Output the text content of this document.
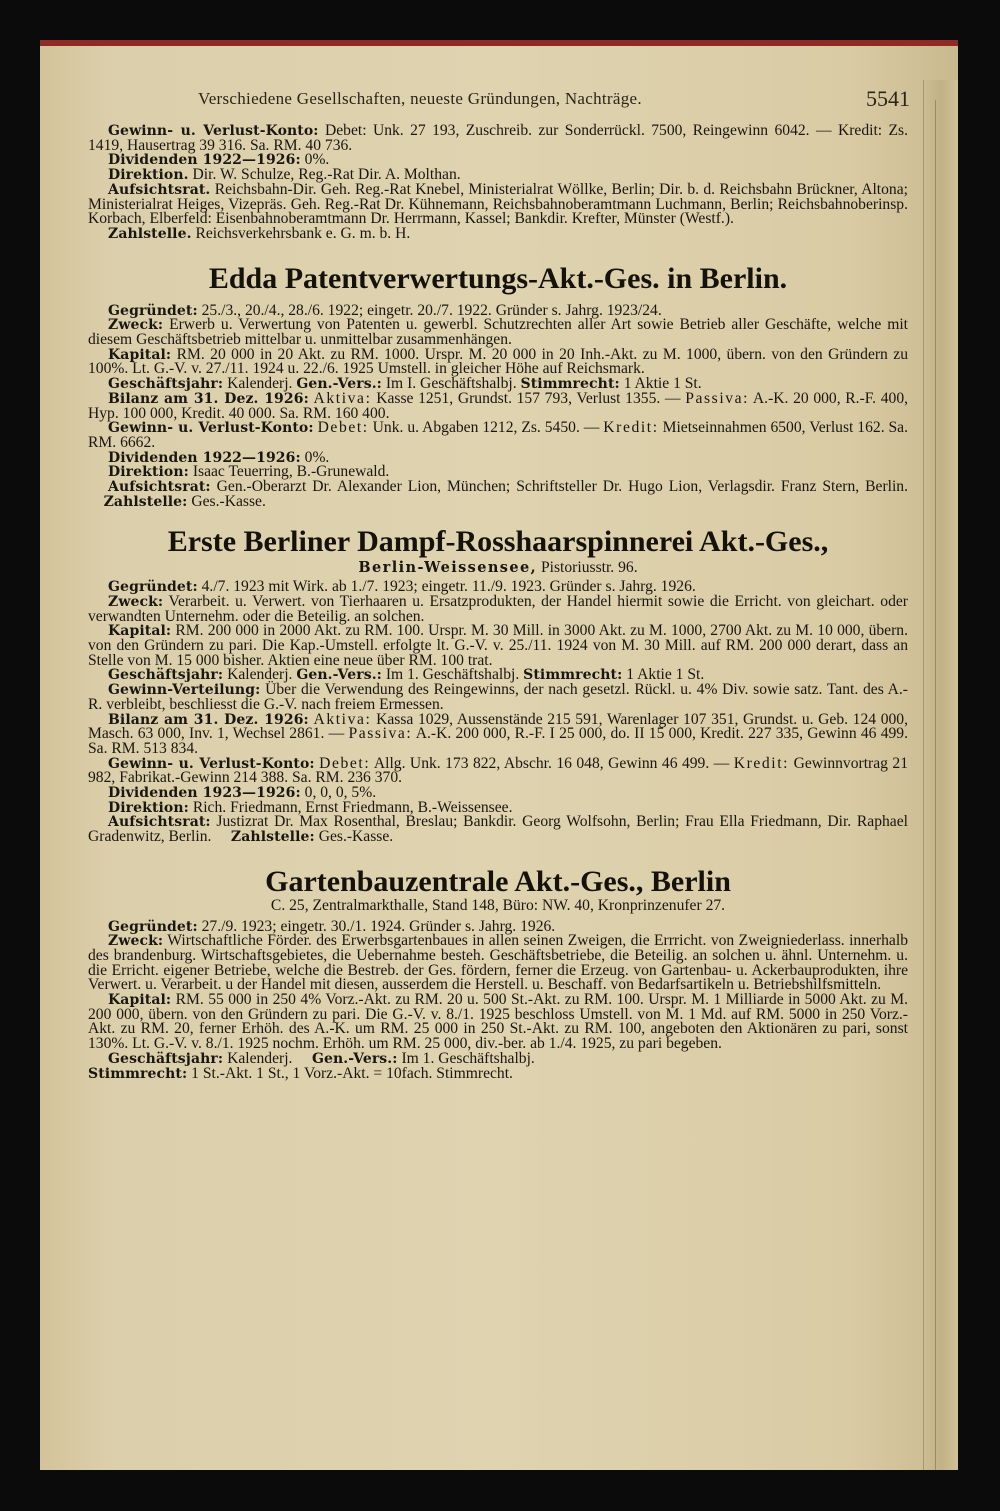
Verschiedene Gesellschaften, neueste Gründungen, Nachträge.	5541

Gewinn- u. Verlust-Konto: Debet: Unk. 27 193, Zuschreib. zur Sonderrückl. 7500, Reingewinn 6042. — Kredit: Zs. 1419, Hausertrag 39 316. Sa. RM. 40 736.

Dividenden 1922—1926: 0%.

Direktion. Dir. W. Schulze, Reg.-Rat Dir. A. Molthan.

Aufsichtsrat. Reichsbahn-Dir. Geh. Reg.-Rat Knebel, Ministerialrat Wöllke, Berlin; Dir. b. d. Reichsbahn Brückner, Altona; Ministerialrat Heiges, Vizepräs. Geh. Reg.-Rat Dr. Kühnemann, Reichsbahnoberamtmann Luchmann, Berlin; Reichsbahnoberinsp. Korbach, Elberfeld: Eisenbahnoberamtmann Dr. Herrmann, Kassel; Bankdir. Krefter, Münster (Westf.).

Zahlstelle. Reichsverkehrsbank e. G. m. b. H.

Edda Patentverwertungs-Akt.-Ges. in Berlin.

Gegründet: 25./3., 20./4., 28./6. 1922; eingetr. 20./7. 1922. Gründer s. Jahrg. 1923/24.

Zweck: Erwerb u. Verwertung von Patenten u. gewerbl. Schutzrechten aller Art sowie Betrieb aller Geschäfte, welche mit diesem Geschäftsbetrieb mittelbar u. unmittelbar zusammenhängen.

Kapital: RM. 20 000 in 20 Akt. zu RM. 1000. Urspr. M. 20 000 in 20 Inh.-Akt. zu M. 1000, übern. von den Gründern zu 100%. Lt. G.-V. v. 27./11. 1924 u. 22./6. 1925 Umstell. in gleicher Höhe auf Reichsmark.

Geschäftsjahr: Kalenderj. Gen.-Vers.: Im I. Geschäftshalbj. Stimmrecht: 1 Aktie 1 St.

Bilanz am 31. Dez. 1926: Aktiva: Kasse 1251, Grundst. 157 793, Verlust 1355. — Passiva: A.-K. 20 000, R.-F. 400, Hyp. 100 000, Kredit. 40 000. Sa. RM. 160 400.

Gewinn- u. Verlust-Konto: Debet: Unk. u. Abgaben 1212, Zs. 5450. — Kredit: Mietseinnahmen 6500, Verlust 162. Sa. RM. 6662.

Dividenden 1922—1926: 0%.

Direktion: Isaac Teuerring, B.-Grunewald.

Aufsichtsrat: Gen.-Oberarzt Dr. Alexander Lion, München; Schriftsteller Dr. Hugo Lion, Verlagsdir. Franz Stern, Berlin.     Zahlstelle: Ges.-Kasse.

Erste Berliner Dampf-Rosshaarspinnerei Akt.-Ges.,
Berlin-Weissensee, Pistoriusstr. 96.

Gegründet: 4./7. 1923 mit Wirk. ab 1./7. 1923; eingetr. 11./9. 1923. Gründer s. Jahrg. 1926.

Zweck: Verarbeit. u. Verwert. von Tierhaaren u. Ersatzprodukten, der Handel hiermit sowie die Erricht. von gleichart. oder verwandten Unternehm. oder die Beteilig. an solchen.

Kapital: RM. 200 000 in 2000 Akt. zu RM. 100. Urspr. M. 30 Mill. in 3000 Akt. zu M. 1000, 2700 Akt. zu M. 10 000, übern. von den Gründern zu pari. Die Kap.-Umstell. erfolgte lt. G.-V. v. 25./11. 1924 von M. 30 Mill. auf RM. 200 000 derart, dass an Stelle von M. 15 000 bisher. Aktien eine neue über RM. 100 trat.

Geschäftsjahr: Kalenderj. Gen.-Vers.: Im 1. Geschäftshalbj. Stimmrecht: 1 Aktie 1 St.

Gewinn-Verteilung: Über die Verwendung des Reingewinns, der nach gesetzl. Rückl. u. 4% Div. sowie satz. Tant. des A.-R. verbleibt, beschliesst die G.-V. nach freiem Ermessen.

Bilanz am 31. Dez. 1926: Aktiva: Kassa 1029, Aussenstände 215 591, Warenlager 107 351, Grundst. u. Geb. 124 000, Masch. 63 000, Inv. 1, Wechsel 2861. — Passiva: A.-K. 200 000, R.-F. I 25 000, do. II 15 000, Kredit. 227 335, Gewinn 46 499. Sa. RM. 513 834.

Gewinn- u. Verlust-Konto: Debet: Allg. Unk. 173 822, Abschr. 16 048, Gewinn 46 499. — Kredit: Gewinnvortrag 21 982, Fabrikat.-Gewinn 214 388. Sa. RM. 236 370.

Dividenden 1923—1926: 0, 0, 0, 5%.

Direktion: Rich. Friedmann, Ernst Friedmann, B.-Weissensee.

Aufsichtsrat: Justizrat Dr. Max Rosenthal, Breslau; Bankdir. Georg Wolfsohn, Berlin; Frau Ella Friedmann, Dir. Raphael Gradenwitz, Berlin. Zahlstelle: Ges.-Kasse.

Gartenbauzentrale Akt.-Ges., Berlin
C. 25, Zentralmarkthalle, Stand 148, Büro: NW. 40, Kronprinzenufer 27.

Gegründet: 27./9. 1923; eingetr. 30./1. 1924. Gründer s. Jahrg. 1926.

Zweck: Wirtschaftliche Förder. des Erwerbsgartenbaues in allen seinen Zweigen, die Errricht. von Zweigniederlass. innerhalb des brandenburg. Wirtschaftsgebietes, die Uebernahme besteh. Geschäftsbetriebe, die Beteilig. an solchen u. ähnl. Unternehm. u. die Erricht. eigener Betriebe, welche die Bestreb. der Ges. fördern, ferner die Erzeug. von Gartenbau- u. Ackerbauprodukten, ihre Verwert. u. Verarbeit. u der Handel mit diesen, ausserdem die Herstell. u. Beschaff. von Bedarfsartikeln u. Betriebshilfsmitteln.

Kapital: RM. 55 000 in 250 4% Vorz.-Akt. zu RM. 20 u. 500 St.-Akt. zu RM. 100. Urspr. M. 1 Milliarde in 5000 Akt. zu M. 200 000, übern. von den Gründern zu pari. Die G.-V. v. 8./1. 1925 beschloss Umstell. von M. 1 Md. auf RM. 5000 in 250 Vorz.-Akt. zu RM. 20, ferner Erhöh. des A.-K. um RM. 25 000 in 250 St.-Akt. zu RM. 100, angeboten den Aktionären zu pari, sonst 130%. Lt. G.-V. v. 8./1. 1925 nochm. Erhöh. um RM. 25 000, div.-ber. ab 1./4. 1925, zu pari begeben.

Geschäftsjahr: Kalenderj. Gen.-Vers.: Im 1. Geschäftshalbj.

Stimmrecht: 1 St.-Akt. 1 St., 1 Vorz.-Akt. = 10fach. Stimmrecht.
